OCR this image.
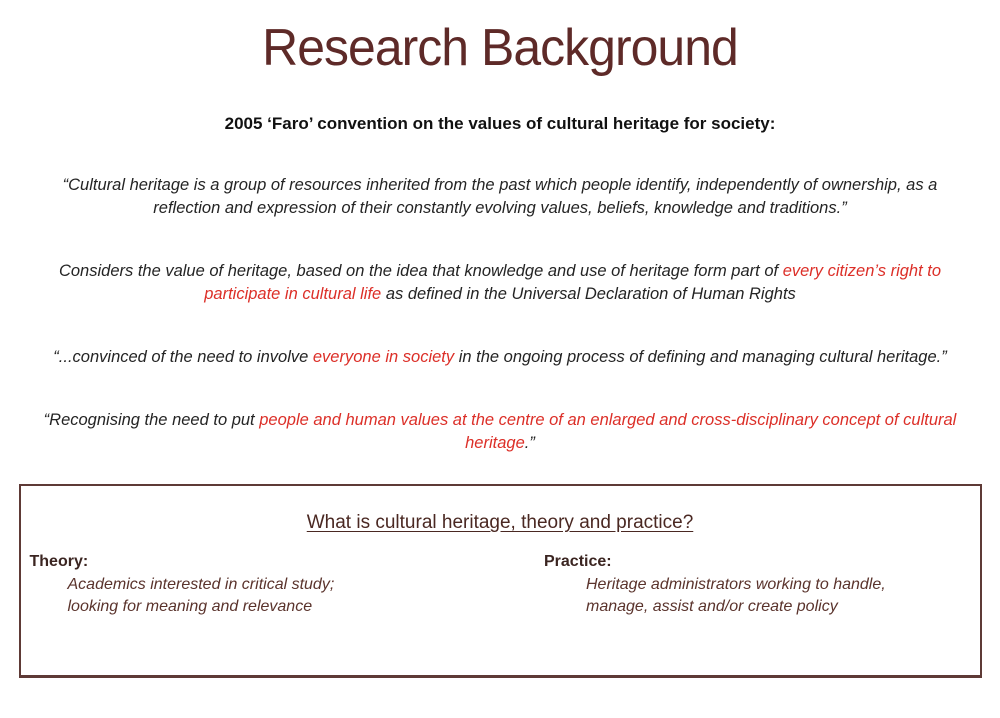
Research Background

2005 ‘Faro’ convention on the values of cultural heritage for society:

“Cultural heritage is a group of resources inherited from the past which people identify, independently of ownership, as a reflection and expression of their constantly evolving values, beliefs, knowledge and traditions.”

Considers the value of heritage, based on the idea that knowledge and use of heritage form part of every citizen’s right to participate in cultural life as defined in the Universal Declaration of Human Rights

“...convinced of the need to involve everyone in society in the ongoing process of defining and managing cultural heritage.”

“Recognising the need to put people and human values at the centre of an enlarged and cross-disciplinary concept of cultural heritage.”

What is cultural heritage, theory and practice?
Theory:
Academics interested in critical study;
looking for meaning and relevance
Practice:
Heritage administrators working to handle,
manage, assist and/or create policy
